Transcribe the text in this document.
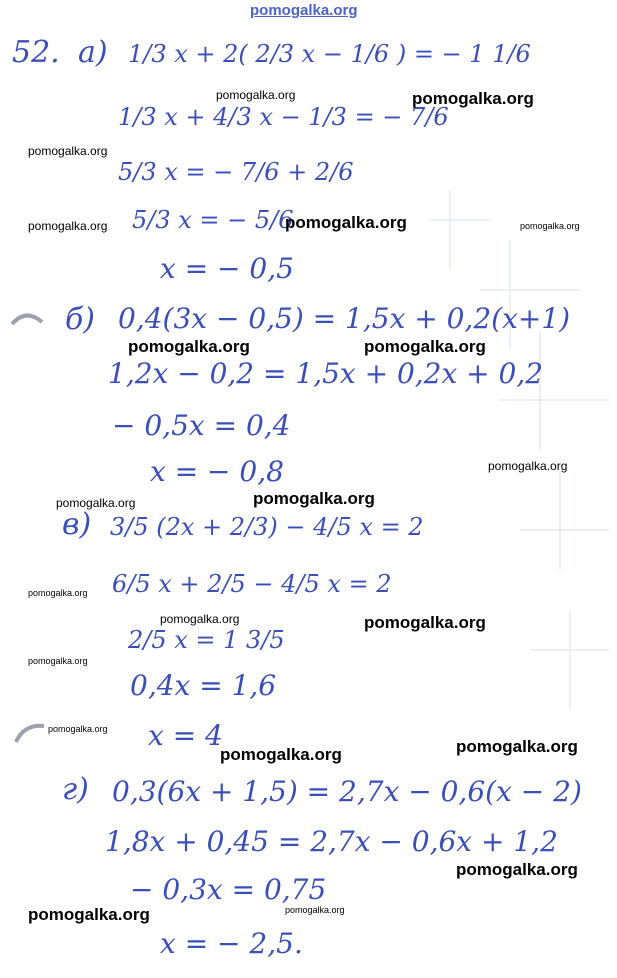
pomogalka.org
52. а) 1/3 x + 2( 2/3 x − 1/6 ) = − 1 1/6
1/3 x + 4/3 x − 1/3 = − 7/6
5/3 x = − 7/6 + 2/6
5/3 x = − 5/6
x = − 0,5
б) 0,4(3x − 0,5) = 1,5x + 0,2(x+1)
1,2x − 0,2 = 1,5x + 0,2x + 0,2
− 0,5x = 0,4
x = − 0,8
в) 3/5 (2x + 2/3) − 4/5 x = 2
6/5 x + 2/5 − 4/5 x = 2
2/5 x = 1 3/5
0,4x = 1,6
x = 4
г) 0,3(6x + 1,5) = 2,7x − 0,6(x − 2)
1,8x + 0,45 = 2,7x − 0,6x + 1,2
− 0,3x = 0,75
x = − 2,5.
pomogalka.org	pomogalka.org
pomogalka.org
pomogalka.org	pomogalka.org	pomogalka.org
pomogalka.org	pomogalka.org
pomogalka.org
pomogalka.org	pomogalka.org
pomogalka.org
pomogalka.org	pomogalka.org
pomogalka.org
pomogalka.org
pomogalka.org	pomogalka.org
pomogalka.org
pomogalka.org	pomogalka.org
